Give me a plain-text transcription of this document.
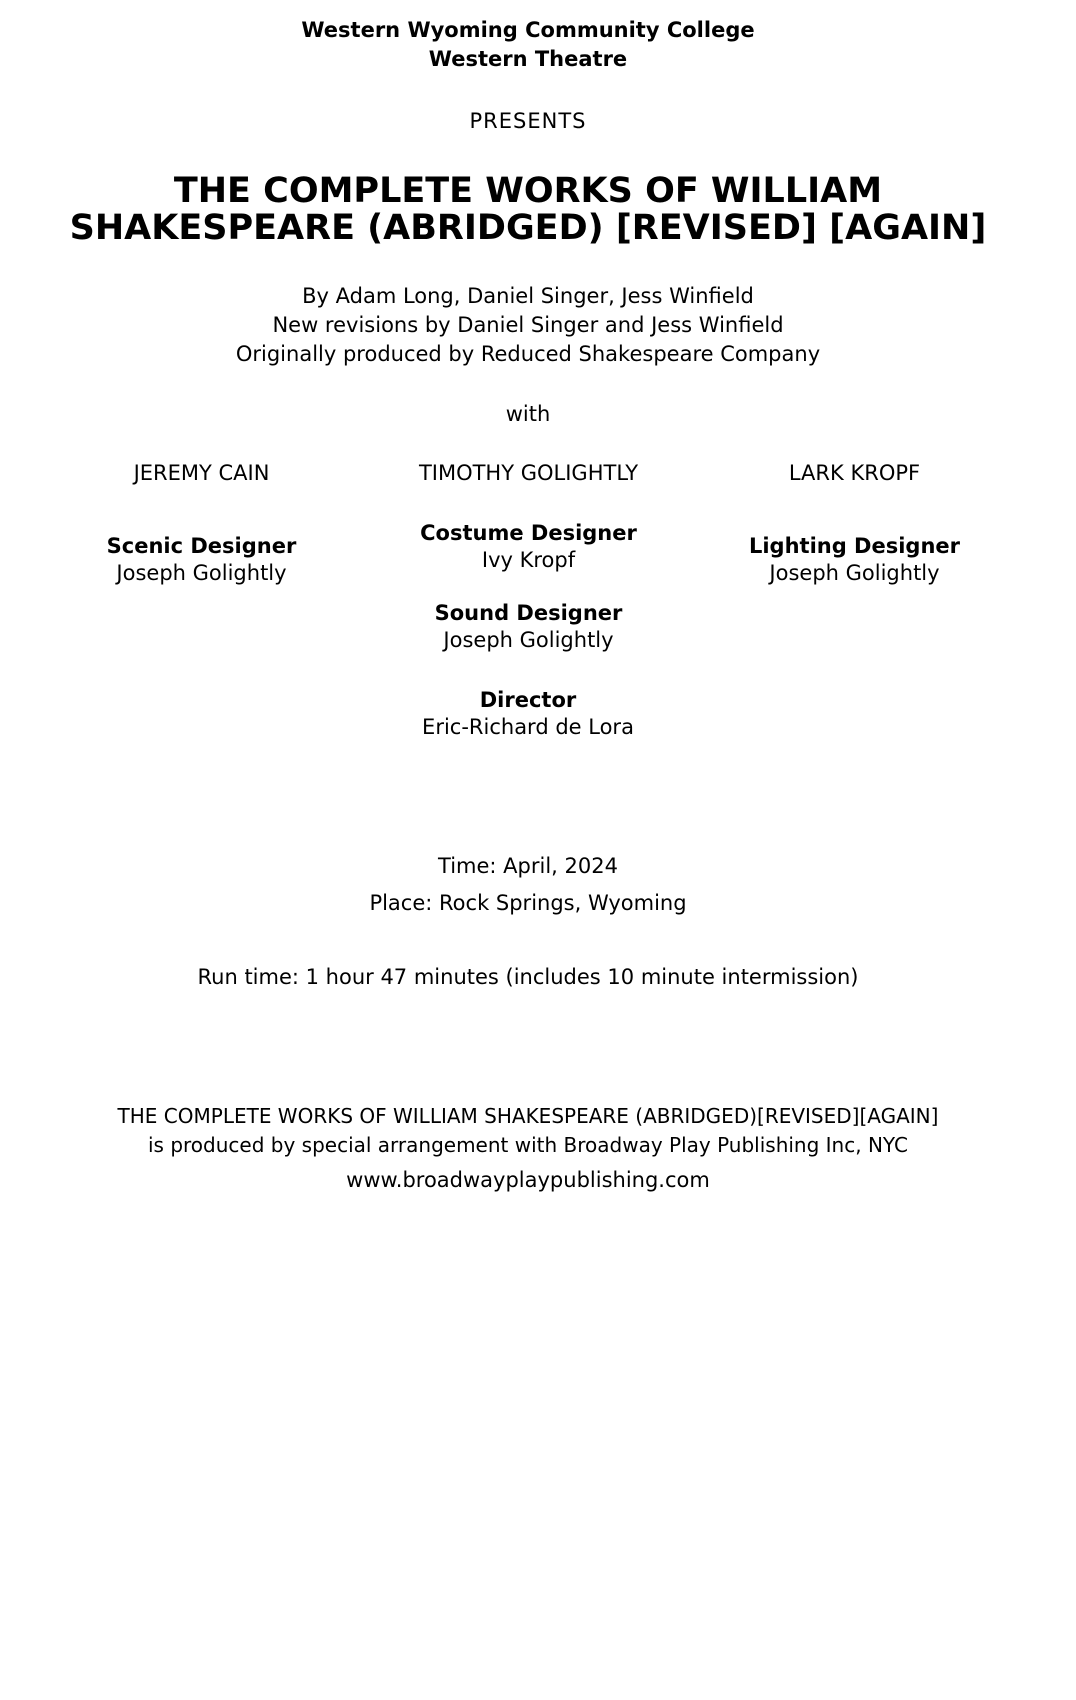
Western Wyoming Community College
Western Theatre
PRESENTS
THE COMPLETE WORKS OF WILLIAM
SHAKESPEARE (ABRIDGED) [REVISED] [AGAIN]
By Adam Long, Daniel Singer, Jess Winfield
New revisions by Daniel Singer and Jess Winfield
Originally produced by Reduced Shakespeare Company
with
JEREMY CAIN	TIMOTHY GOLIGHTLY	LARK KROPF
Scenic Designer
Joseph Golightly
Costume Designer
Ivy Kropf
Sound Designer
Joseph Golightly
Lighting Designer
Joseph Golightly
Director
Eric-Richard de Lora
Time: April, 2024
Place: Rock Springs, Wyoming
Run time: 1 hour 47 minutes (includes 10 minute intermission)
THE COMPLETE WORKS OF WILLIAM SHAKESPEARE (ABRIDGED)[REVISED][AGAIN]
is produced by special arrangement with Broadway Play Publishing Inc, NYC
www.broadwayplaypublishing.com
